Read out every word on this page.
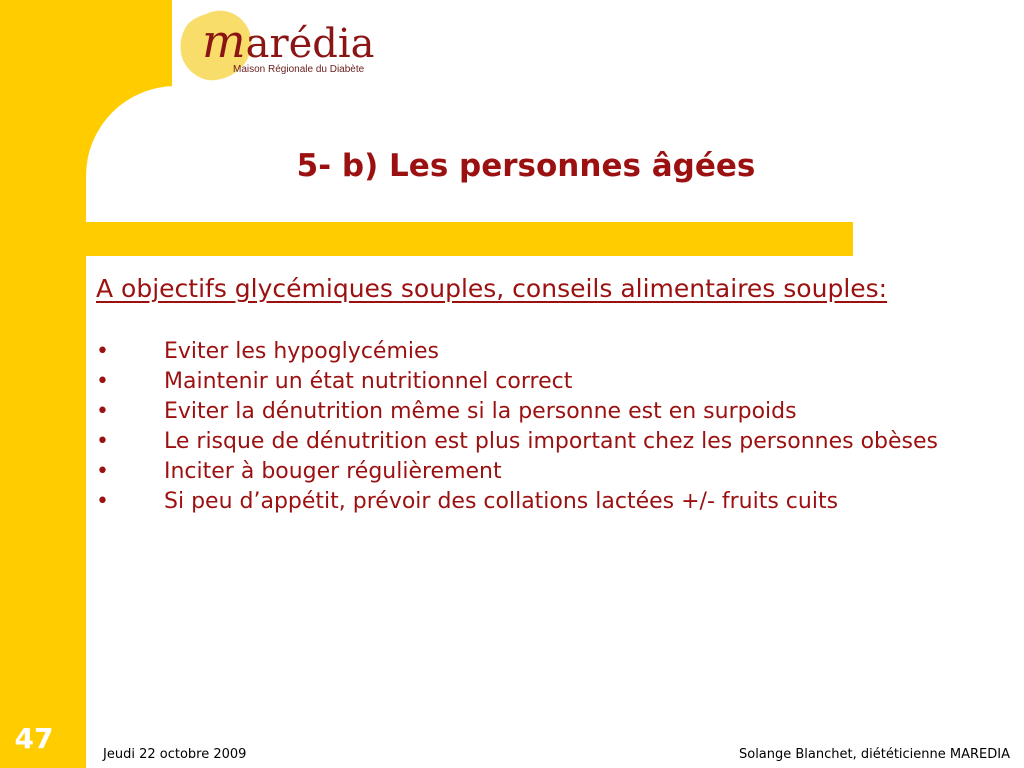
marédia
Maison Régionale du Diabète
5- b) Les personnes âgées
A objectifs glycémiques souples, conseils alimentaires souples:
•	Eviter les hypoglycémies
•	Maintenir un état nutritionnel correct
•	Eviter la dénutrition même si la personne est en surpoids
•	Le risque de dénutrition est plus important chez les personnes obèses
•	Inciter à bouger régulièrement
•	Si peu d’appétit, prévoir des collations lactées +/- fruits cuits
47	Jeudi 22 octobre 2009	Solange Blanchet, diététicienne MAREDIA
